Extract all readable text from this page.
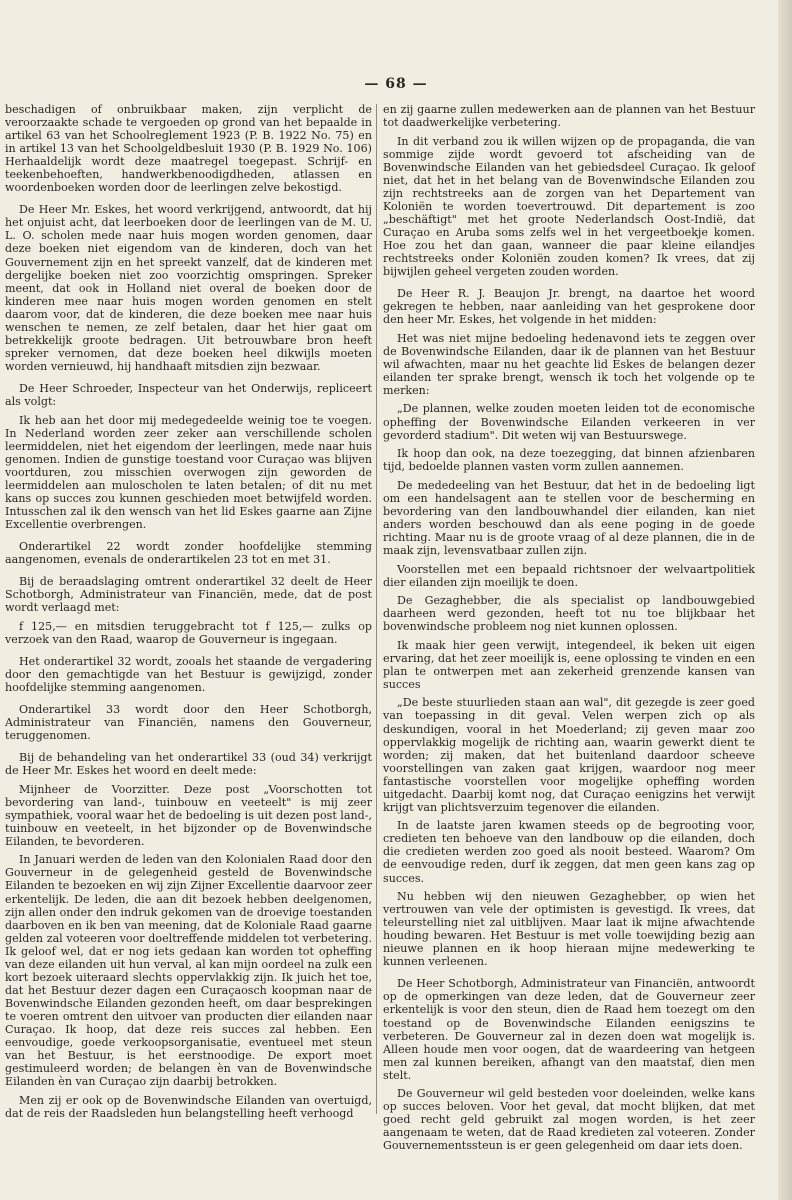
— 68 —

beschadigen of onbruikbaar maken, zijn verplicht de veroorzaakte schade te vergoeden op grond van het bepaalde in artikel 63 van het Schoolreglement 1923 (P. B. 1922 No. 75) en in artikel 13 van het Schoolgeldbesluit 1930 (P. B. 1929 No. 106) Herhaaldelijk wordt deze maatregel toegepast. Schrijf- en teekenbehoeften, handwerkbenoodigdheden, atlassen en woordenboeken worden door de leerlingen zelve bekostigd.

De Heer Mr. Eskes, het woord verkrijgend, antwoordt, dat hij het onjuist acht, dat leerboeken door de leerlingen van de M. U. L. O. scholen mede naar huis mogen worden genomen, daar deze boeken niet eigendom van de kinderen, doch van het Gouvernement zijn en het spreekt vanzelf, dat de kinderen met dergelijke boeken niet zoo voorzichtig omspringen. Spreker meent, dat ook in Holland niet overal de boeken door de kinderen mee naar huis mogen worden genomen en stelt daarom voor, dat de kinderen, die deze boeken mee naar huis wenschen te nemen, ze zelf betalen, daar het hier gaat om betrekkelijk groote bedragen. Uit betrouwbare bron heeft spreker vernomen, dat deze boeken heel dikwijls moeten worden vernieuwd, hij handhaaft mitsdien zijn bezwaar.

De Heer Schroeder, Inspecteur van het Onderwijs, repliceert als volgt:

Ik heb aan het door mij medegedeelde weinig toe te voegen. In Nederland worden zeer zeker aan verschillende scholen leermiddelen, niet het eigendom der leerlingen, mede naar huis genomen. Indien de gunstige toestand voor Curaçao was blijven voortduren, zou misschien overwogen zijn geworden de leermiddelen aan muloscholen te laten betalen; of dit nu met kans op succes zou kunnen geschieden moet betwijfeld worden. Intusschen zal ik den wensch van het lid Eskes gaarne aan Zijne Excellentie overbrengen.

Onderartikel 22 wordt zonder hoofdelijke stemming aangenomen, evenals de onderartikelen 23 tot en met 31.

Bij de beraadslaging omtrent onderartikel 32 deelt de Heer Schotborgh, Administrateur van Financiën, mede, dat de post wordt verlaagd met:

f 125,— en mitsdien teruggebracht tot f 125,— zulks op verzoek van den Raad, waarop de Gouverneur is ingegaan.

Het onderartikel 32 wordt, zooals het staande de vergadering door den gemachtigde van het Bestuur is gewijzigd, zonder hoofdelijke stemming aangenomen.

Onderartikel 33 wordt door den Heer Schotborgh, Administrateur van Financiën, namens den Gouverneur, teruggenomen.

Bij de behandeling van het onderartikel 33 (oud 34) verkrijgt de Heer Mr. Eskes het woord en deelt mede:

Mijnheer de Voorzitter. Deze post „Voorschotten tot bevordering van land-, tuinbouw en veeteelt" is mij zeer sympathiek, vooral waar het de bedoeling is uit dezen post land-, tuinbouw en veeteelt, in het bijzonder op de Bovenwindsche Eilanden, te bevorderen.

In Januari werden de leden van den Kolonialen Raad door den Gouverneur in de gelegenheid gesteld de Bovenwindsche Eilanden te bezoeken en wij zijn Zijner Excellentie daarvoor zeer erkentelijk. De leden, die aan dit bezoek hebben deelgenomen, zijn allen onder den indruk gekomen van de droevige toestanden daarboven en ik ben van meening, dat de Koloniale Raad gaarne gelden zal voteeren voor doeltreffende middelen tot verbetering. Ik geloof wel, dat er nog iets gedaan kan worden tot opheffing van deze eilanden uit hun verval, al kan mijn oordeel na zulk een kort bezoek uiteraard slechts oppervlakkig zijn. Ik juich het toe, dat het Bestuur dezer dagen een Curaçaosch koopman naar de Bovenwindsche Eilanden gezonden heeft, om daar besprekingen te voeren omtrent den uitvoer van producten dier eilanden naar Curaçao. Ik hoop, dat deze reis succes zal hebben. Een eenvoudige, goede verkoopsorganisatie, eventueel met steun van het Bestuur, is het eerstnoodige. De export moet gestimuleerd worden; de belangen èn van de Bovenwindsche Eilanden èn van Curaçao zijn daarbij betrokken.

Men zij er ook op de Bovenwindsche Eilanden van overtuigd, dat de reis der Raadsleden hun belangstelling heeft verhoogd

en zij gaarne zullen medewerken aan de plannen van het Bestuur tot daadwerkelijke verbetering.

In dit verband zou ik willen wijzen op de propaganda, die van sommige zijde wordt gevoerd tot afscheiding van de Bovenwindsche Eilanden van het gebiedsdeel Curaçao. Ik geloof niet, dat het in het belang van de Bovenwindsche Eilanden zou zijn rechtstreeks aan de zorgen van het Departement van Koloniën te worden toevertrouwd. Dit departement is zoo „beschäftigt" met het groote Nederlandsch Oost-Indië, dat Curaçao en Aruba soms zelfs wel in het vergeetboekje komen. Hoe zou het dan gaan, wanneer die paar kleine eilandjes rechtstreeks onder Koloniën zouden komen? Ik vrees, dat zij bijwijlen geheel vergeten zouden worden.

De Heer R. J. Beaujon Jr. brengt, na daartoe het woord gekregen te hebben, naar aanleiding van het gesprokene door den heer Mr. Eskes, het volgende in het midden:

Het was niet mijne bedoeling hedenavond iets te zeggen over de Bovenwindsche Eilanden, daar ik de plannen van het Bestuur wil afwachten, maar nu het geachte lid Eskes de belangen dezer eilanden ter sprake brengt, wensch ik toch het volgende op te merken:

„De plannen, welke zouden moeten leiden tot de economische opheffing der Bovenwindsche Eilanden verkeeren in ver gevorderd stadium". Dit weten wij van Bestuurswege.

Ik hoop dan ook, na deze toezegging, dat binnen afzienbaren tijd, bedoelde plannen vasten vorm zullen aannemen.

De mededeeling van het Bestuur, dat het in de bedoeling ligt om een handelsagent aan te stellen voor de bescherming en bevordering van den landbouwhandel dier eilanden, kan niet anders worden beschouwd dan als eene poging in de goede richting. Maar nu is de groote vraag of al deze plannen, die in de maak zijn, levensvatbaar zullen zijn.

Voorstellen met een bepaald richtsnoer der welvaartpolitiek dier eilanden zijn moeilijk te doen.

De Gezaghebber, die als specialist op landbouwgebied daarheen werd gezonden, heeft tot nu toe blijkbaar het bovenwindsche probleem nog niet kunnen oplossen.

Ik maak hier geen verwijt, integendeel, ik beken uit eigen ervaring, dat het zeer moeilijk is, eene oplossing te vinden en een plan te ontwerpen met aan zekerheid grenzende kansen van succes

„De beste stuurlieden staan aan wal", dit gezegde is zeer goed van toepassing in dit geval. Velen werpen zich op als deskundigen, vooral in het Moederland; zij geven maar zoo oppervlakkig mogelijk de richting aan, waarin gewerkt dient te worden; zij maken, dat het buitenland daardoor scheeve voorstellingen van zaken gaat krijgen, waardoor nog meer fantastische voorstellen voor mogelijke opheffing worden uitgedacht. Daarbij komt nog, dat Curaçao eenigzins het verwijt krijgt van plichtsverzuim tegenover die eilanden.

In de laatste jaren kwamen steeds op de begrooting voor, credieten ten behoeve van den landbouw op die eilanden, doch die credieten werden zoo goed als nooit besteed. Waarom? Om de eenvoudige reden, durf ik zeggen, dat men geen kans zag op succes.

Nu hebben wij den nieuwen Gezaghebber, op wien het vertrouwen van vele der optimisten is gevestigd. Ik vrees, dat teleurstelling niet zal uitblijven. Maar laat ik mijne afwachtende houding bewaren. Het Bestuur is met volle toewijding bezig aan nieuwe plannen en ik hoop hieraan mijne medewerking te kunnen verleenen.

De Heer Schotborgh, Administrateur van Financiën, antwoordt op de opmerkingen van deze leden, dat de Gouverneur zeer erkentelijk is voor den steun, dien de Raad hem toezegt om den toestand op de Bovenwindsche Eilanden eenigszins te verbeteren. De Gouverneur zal in dezen doen wat mogelijk is. Alleen houde men voor oogen, dat de waardeering van hetgeen men zal kunnen bereiken, afhangt van den maatstaf, dien men stelt.

De Gouverneur wil geld besteden voor doeleinden, welke kans op succes beloven. Voor het geval, dat mocht blijken, dat met goed recht geld gebruikt zal mogen worden, is het zeer aangenaam te weten, dat de Raad kredieten zal voteeren. Zonder Gouvernementssteun is er geen gelegenheid om daar iets doen.
